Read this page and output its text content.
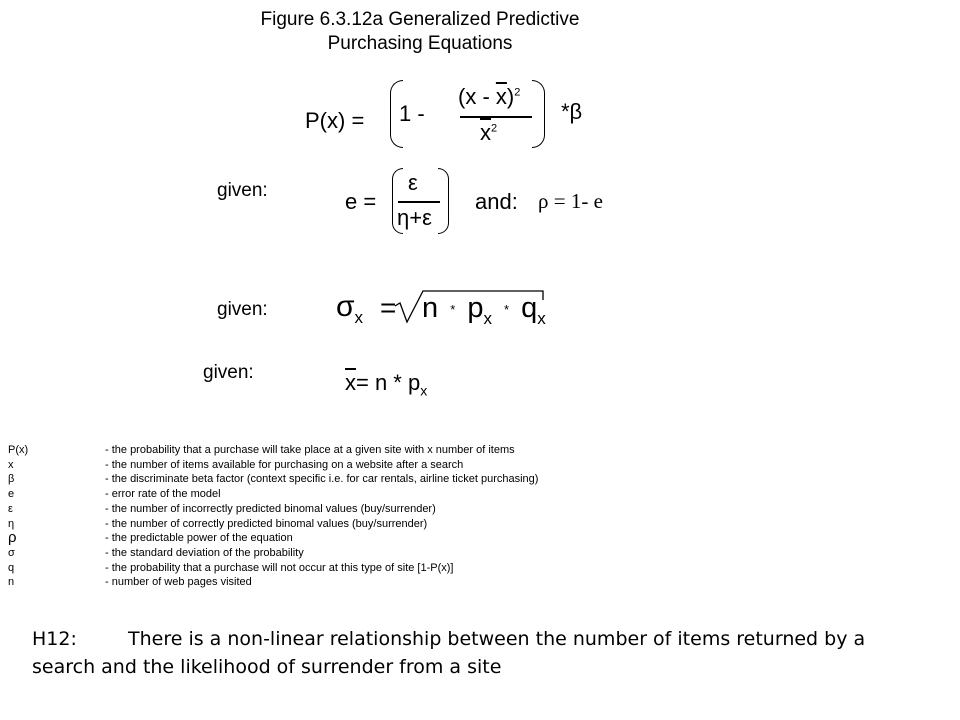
Figure 6.3.12a Generalized Predictive
Purchasing Equations
P(x) = 1 -
$(x - \overline{x})^2$
$\overline{x}^2$
*β
given:
given:
given:
e =
ε
η+ε
and: ρ = 1- e
$\sigma_x = n * p_x * q_x$
$\overline{x}= n * p_x$
P(x)	- the probability that a purchase will take place at a given site with x number of items
x	- the number of items available for purchasing on a website after a search
β	- the discriminate beta factor (context specific i.e. for car rentals, airline ticket purchasing)
e	- error rate of the model
ε	- the number of incorrectly predicted binomal values (buy/surrender)
η	- the number of correctly predicted binomal values (buy/surrender)
ρ	- the predictable power of the equation
σ	- the standard deviation of the probability
q	- the probability that a purchase will not occur at this type of site [1-P(x)]
n	- number of web pages visited
H12:	There is a non-linear relationship between the number of items returned by a
search and the likelihood of surrender from a site
